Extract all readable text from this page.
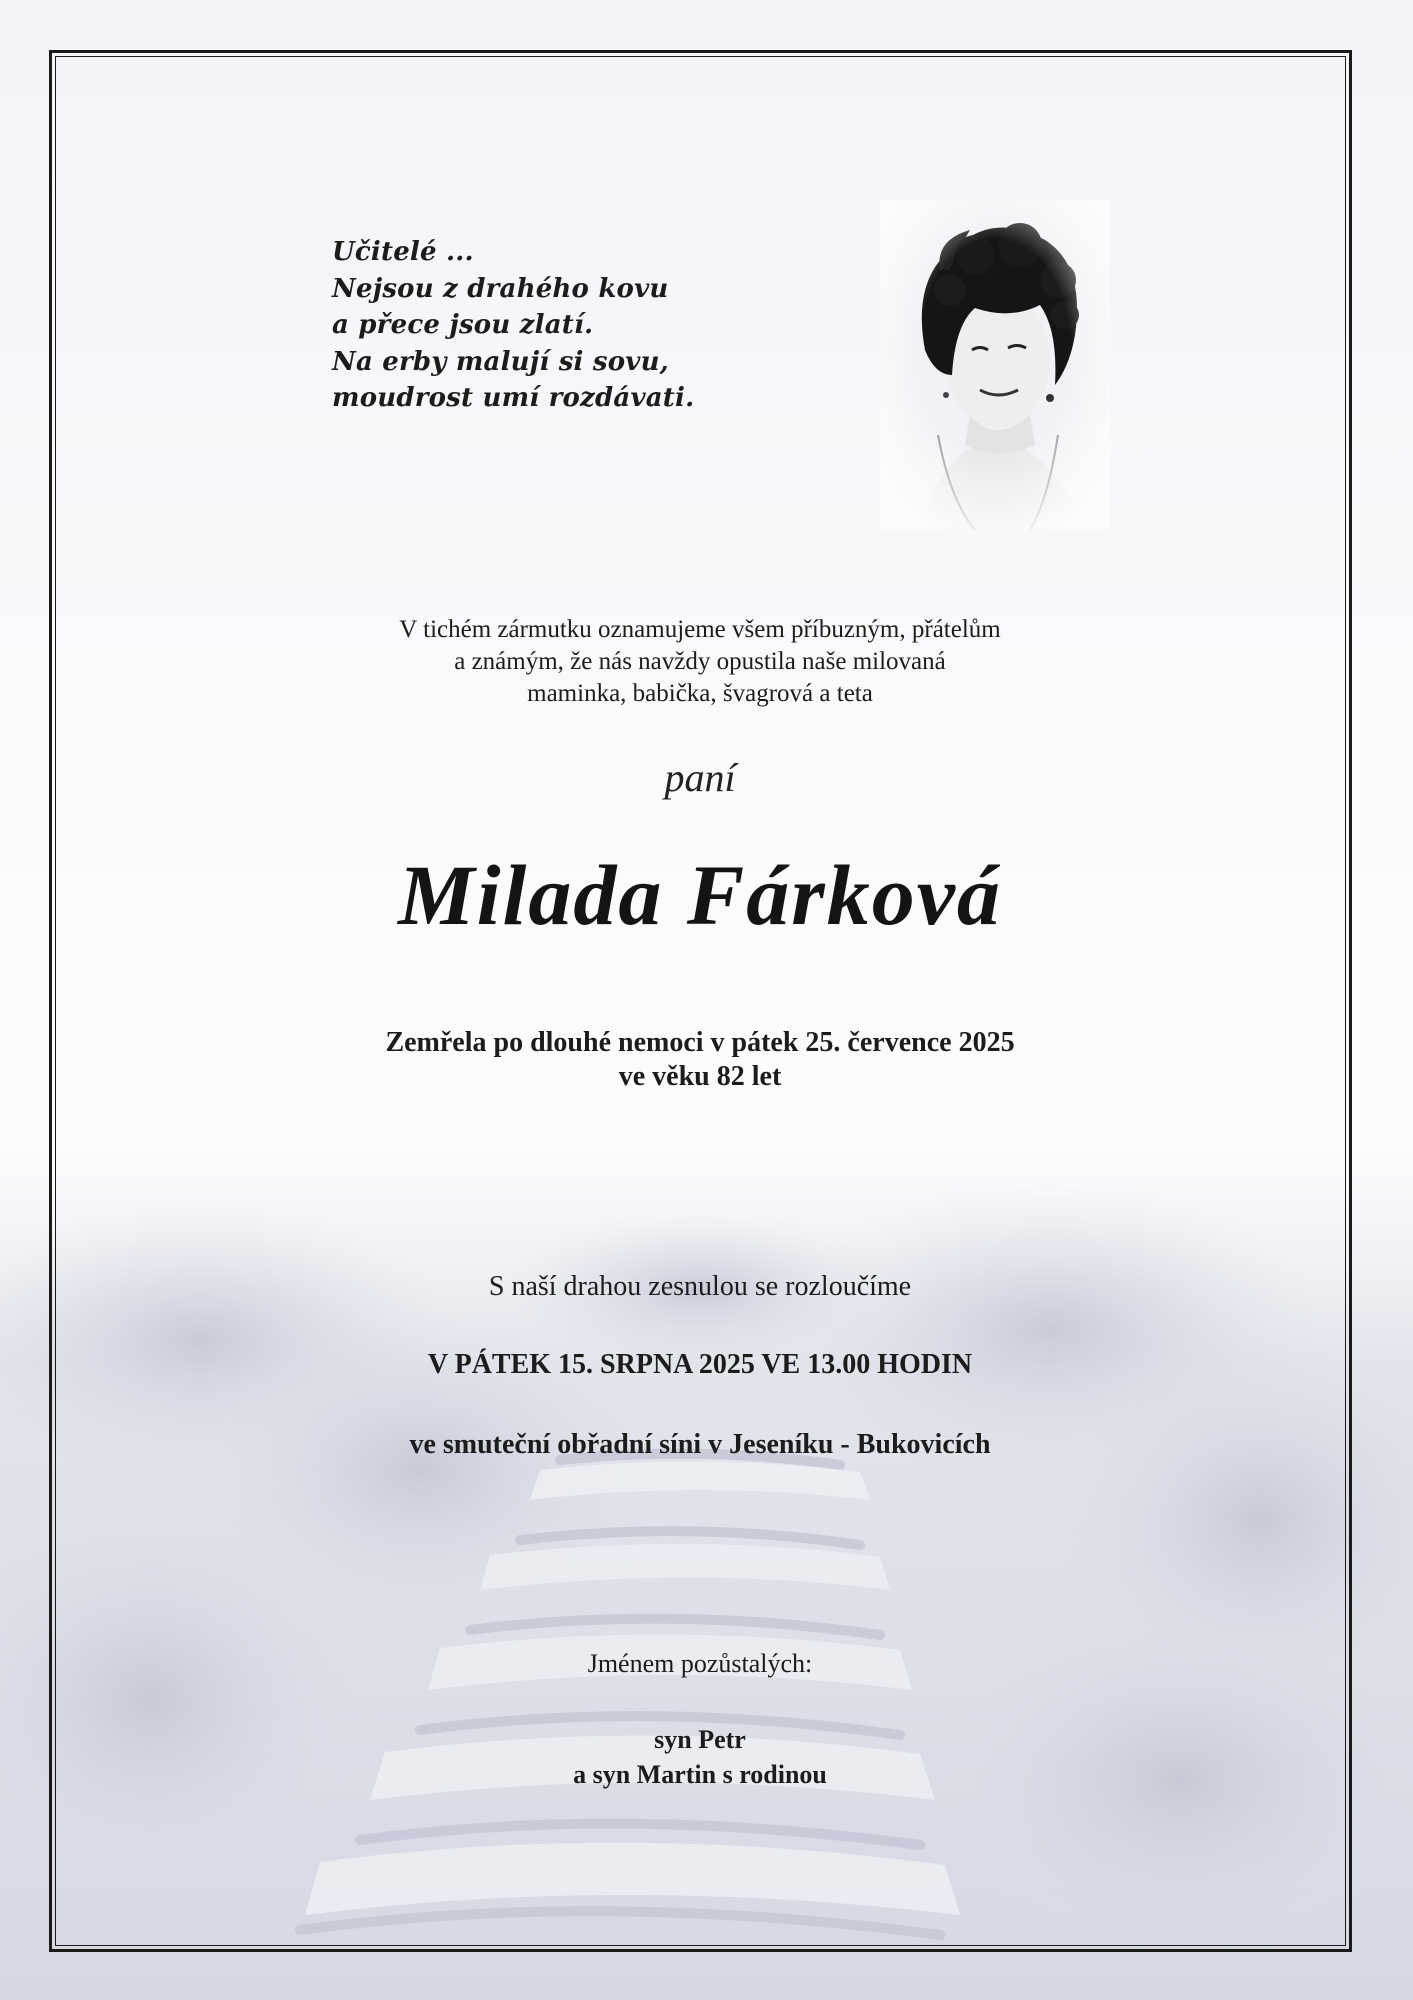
Učitelé ...
Nejsou z drahého kovu
a přece jsou zlatí.
Na erby malují si sovu,
moudrost umí rozdávati.
V tichém zármutku oznamujeme všem příbuzným, přátelům
a známým, že nás navždy opustila naše milovaná
maminka, babička, švagrová a teta
paní
Milada Fárková
Zemřela po dlouhé nemoci v pátek 25. července 2025
ve věku 82 let
S naší drahou zesnulou se rozloučíme
V PÁTEK 15. SRPNA 2025 VE 13.00 HODIN
ve smuteční obřadní síni v Jeseníku - Bukovicích
Jménem pozůstalých:
syn Petr
a syn Martin s rodinou
